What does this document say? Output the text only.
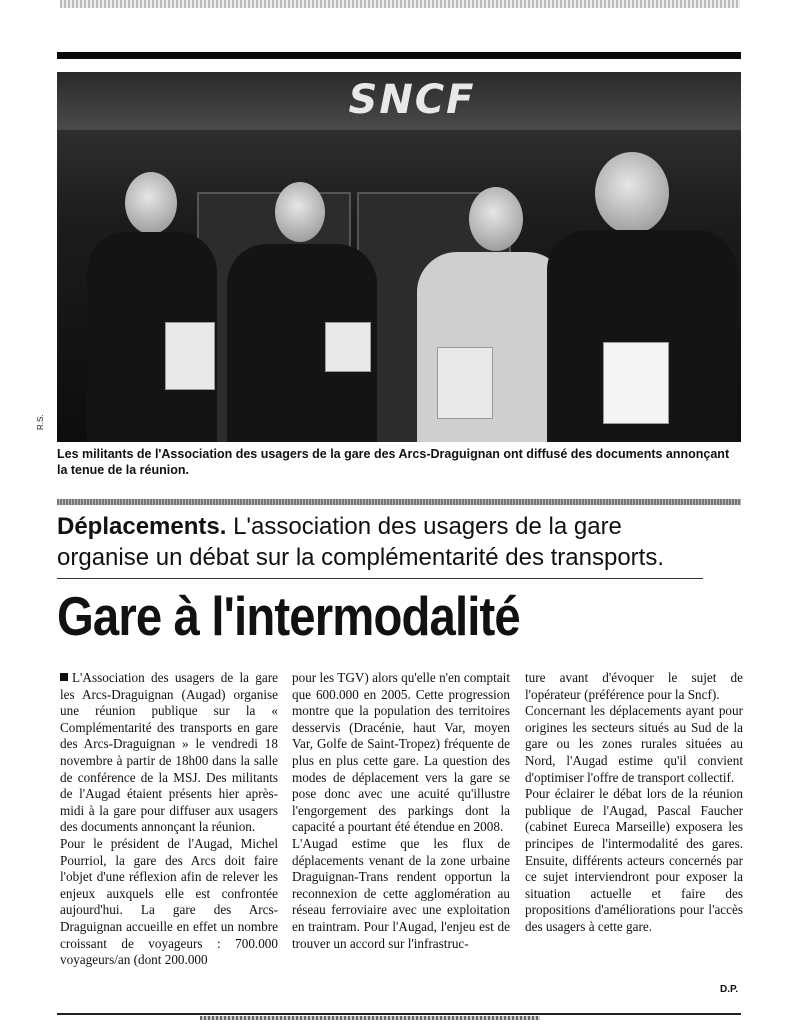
SNCF
R.S.
Les militants de l'Association des usagers de la gare des Arcs-Draguignan ont diffusé des documents annonçant la tenue de la réunion.
Déplacements. L'association des usagers de la gare
organise un débat sur la complémentarité des transports.
Gare à l'intermodalité

L'Association des usagers de la gare les Arcs-Draguignan (Augad) organise une réunion publique sur la « Complémentarité des transports en gare des Arcs-Draguignan » le vendredi 18 novembre à partir de 18h00 dans la salle de conférence de la MSJ. Des militants de l'Augad étaient présents hier après-midi à la gare pour diffuser aux usagers des documents annonçant la réunion.

Pour le président de l'Augad, Michel Pourriol, la gare des Arcs doit faire l'objet d'une réflexion afin de relever les enjeux auxquels elle est confrontée aujourd'hui. La gare des Arcs-Draguignan accueille en effet un nombre croissant de voyageurs : 700.000 voyageurs/an (dont 200.000

pour les TGV) alors qu'elle n'en comptait que 600.000 en 2005. Cette progression montre que la population des territoires desservis (Dracénie, haut Var, moyen Var, Golfe de Saint-Tropez) fréquente de plus en plus cette gare. La question des modes de déplacement vers la gare se pose donc avec une acuité qu'illustre l'engorgement des parkings dont la capacité a pourtant été étendue en 2008.

L'Augad estime que les flux de déplacements venant de la zone urbaine Draguignan-Trans rendent opportun la reconnexion de cette agglomération au réseau ferroviaire avec une exploitation en traintram. Pour l'Augad, l'enjeu est de trouver un accord sur l'infrastruc-

ture avant d'évoquer le sujet de l'opérateur (préférence pour la Sncf).

Concernant les déplacements ayant pour origines les secteurs situés au Sud de la gare ou les zones rurales situées au Nord, l'Augad estime qu'il convient d'optimiser l'offre de transport collectif.

Pour éclairer le débat lors de la réunion publique de l'Augad, Pascal Faucher (cabinet Eureca Marseille) exposera les principes de l'intermodalité des gares. Ensuite, différents acteurs concernés par ce sujet interviendront pour exposer la situation actuelle et faire des propositions d'améliorations pour l'accès des usagers à cette gare.

D.P.
